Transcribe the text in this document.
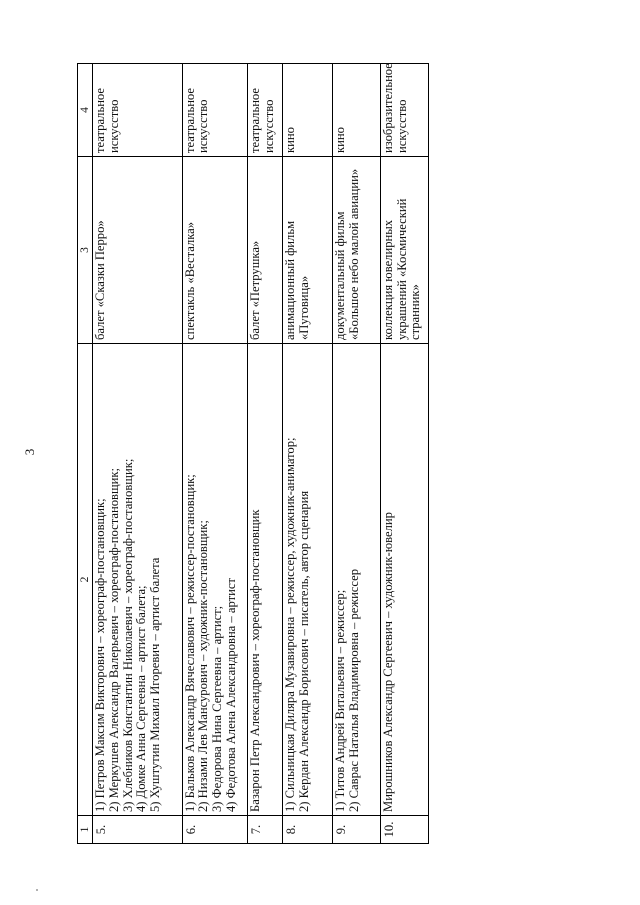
3
1	2	3	4
5.	1) Петров Максим Викторович – хореограф-постановщик; 2) Меркушев Александр Валерьевич – хореограф-постановщик; 3) Хлебников Константин Николаевич – хореограф-постановщик; 4) Домке Анна Сергеевна – артист балета; 5) Хуштутин Михаил Игоревич – артист балета	балет «Сказки Перро»	театральное искусство
6.	1) Бальков Александр Вячеславович – режиссер-постановщик; 2) Низами Лев Мансурович – художник-постановщик; 3) Федорова Нина Сергеевна – артист; 4) Федотова Алена Александровна – артист	спектакль «Весталка»	театральное искусство
7.	Базарон Петр Александрович – хореограф-постановщик	балет «Петрушка»	театральное искусство
8.	1) Сильницкая Диляра Музавировна – режиссер, художник-аниматор; 2) Кердан Александр Борисович – писатель, автор сценария	анимационный фильм «Пуговица»	кино
9.	1) Титов Андрей Витальевич – режиссер; 2) Саврас Наталья Владимировна – режиссер	документальный фильм «Большое небо малой авиации»	кино
10.	Мирошников Александр Сергеевич – художник-ювелир	коллекция ювелирных украшений «Космический странник»	изобразительное искусство
